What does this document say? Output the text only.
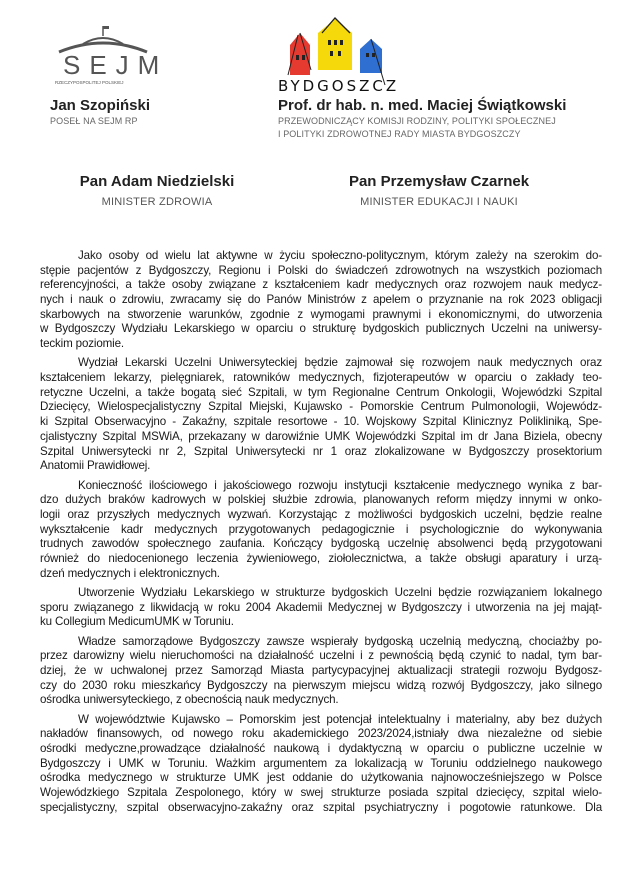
SEJM
RZECZYPOSPOLITEJ POLSKIEJ
Jan Szopiński
POSEŁ NA SEJM RP
BYDGOSZCZ
Prof. dr hab. n. med. Maciej Świątkowski
PRZEWODNICZĄCY KOMISJI RODZINY, POLITYKI SPOŁECZNEJ
I POLITYKI ZDROWOTNEJ RADY MIASTA BYDGOSZCZY
Pan Adam Niedzielski
MINISTER ZDROWIA
Pan Przemysław Czarnek
MINISTER EDUKACJI I NAUKI
Jako osoby od wielu lat aktywne w życiu społeczno-politycznym, którym zależy na szerokim do-
stępie pacjentów z Bydgoszczy, Regionu i Polski do świadczeń zdrowotnych na wszystkich poziomach
referencyjności, a także osoby związane z kształceniem kadr medycznych oraz rozwojem nauk medycz-
nych i nauk o zdrowiu, zwracamy się do Panów Ministrów z apelem o przyznanie na rok 2023 obligacji
skarbowych na stworzenie warunków, zgodnie z wymogami prawnymi i ekonomicznymi, do utworzenia
w Bydgoszczy Wydziału Lekarskiego w oparciu o strukturę bydgoskich publicznych Uczelni na uniwersy-
teckim poziomie.
Wydział Lekarski Uczelni Uniwersyteckiej będzie zajmował się rozwojem nauk medycznych oraz
kształceniem lekarzy, pielęgniarek, ratowników medycznych, fizjoterapeutów w oparciu o zakłady teo-
retyczne Uczelni, a także bogatą sieć Szpitali, w tym Regionalne Centrum Onkologii, Wojewódzki Szpital
Dziecięcy, Wielospecjalistyczny Szpital Miejski, Kujawsko - Pomorskie Centrum Pulmonologii, Wojewódz-
ki Szpital Obserwacyjno - Zakaźny, szpitale resortowe - 10. Wojskowy Szpital Klinicznyz Polikliniką, Spe-
cjalistyczny Szpital MSWiA, przekazany w darowiźnie UMK Wojewódzki Szpital im dr Jana Biziela, obecny
Szpital Uniwersytecki nr 2, Szpital Uniwersytecki nr 1 oraz zlokalizowane w Bydgoszczy prosektorium
Anatomii Prawidłowej.
Konieczność ilościowego i jakościowego rozwoju instytucji kształcenie medycznego wynika z bar-
dzo dużych braków kadrowych w polskiej służbie zdrowia, planowanych reform między innymi w onko-
logii oraz przyszłych medycznych wyzwań. Korzystając z możliwości bydgoskich uczelni, będzie realne
wykształcenie kadr medycznych przygotowanych pedagogicznie i psychologicznie do wykonywania
trudnych zawodów społecznego zaufania. Kończący bydgoską uczelnię absolwenci będą przygotowani
również do niedocenionego leczenia żywieniowego, ziołolecznictwa, a także obsługi aparatury i urzą-
dzeń medycznych i elektronicznych.
Utworzenie Wydziału Lekarskiego w strukturze bydgoskich Uczelni będzie rozwiązaniem lokalnego
sporu związanego z likwidacją w roku 2004 Akademii Medycznej w Bydgoszczy i utworzenia na jej mająt-
ku Collegium MedicumUMK w Toruniu.
Władze samorządowe Bydgoszczy zawsze wspierały bydgoską uczelnią medyczną, chociażby po-
przez darowizny wielu nieruchomości na działalność uczelni i z pewnością będą czynić to nadal, tym bar-
dziej, że w uchwalonej przez Samorząd Miasta partycypacyjnej aktualizacji strategii rozwoju Bydgosz-
czy do 2030 roku mieszkańcy Bydgoszczy na pierwszym miejscu widzą rozwój Bydgoszczy, jako silnego
ośrodka uniwersyteckiego, z obecnością nauk medycznych.
W województwie Kujawsko – Pomorskim jest potencjał intelektualny i materialny, aby bez dużych
nakładów finansowych, od nowego roku akademickiego 2023/2024,istniały dwa niezależne od siebie
ośrodki medyczne,prowadzące działalność naukową i dydaktyczną w oparciu o publiczne uczelnie w
Bydgoszczy i UMK w Toruniu. Ważkim argumentem za lokalizacją w Toruniu oddzielnego naukowego
ośrodka medycznego w strukturze UMK jest oddanie do użytkowania najnowocześniejszego w Polsce
Wojewódzkiego Szpitala Zespolonego, który w swej strukturze posiada szpital dziecięcy, szpital wielo-
specjalistyczny, szpital obserwacyjno-zakaźny oraz szpital psychiatryczny i pogotowie ratunkowe. Dla
